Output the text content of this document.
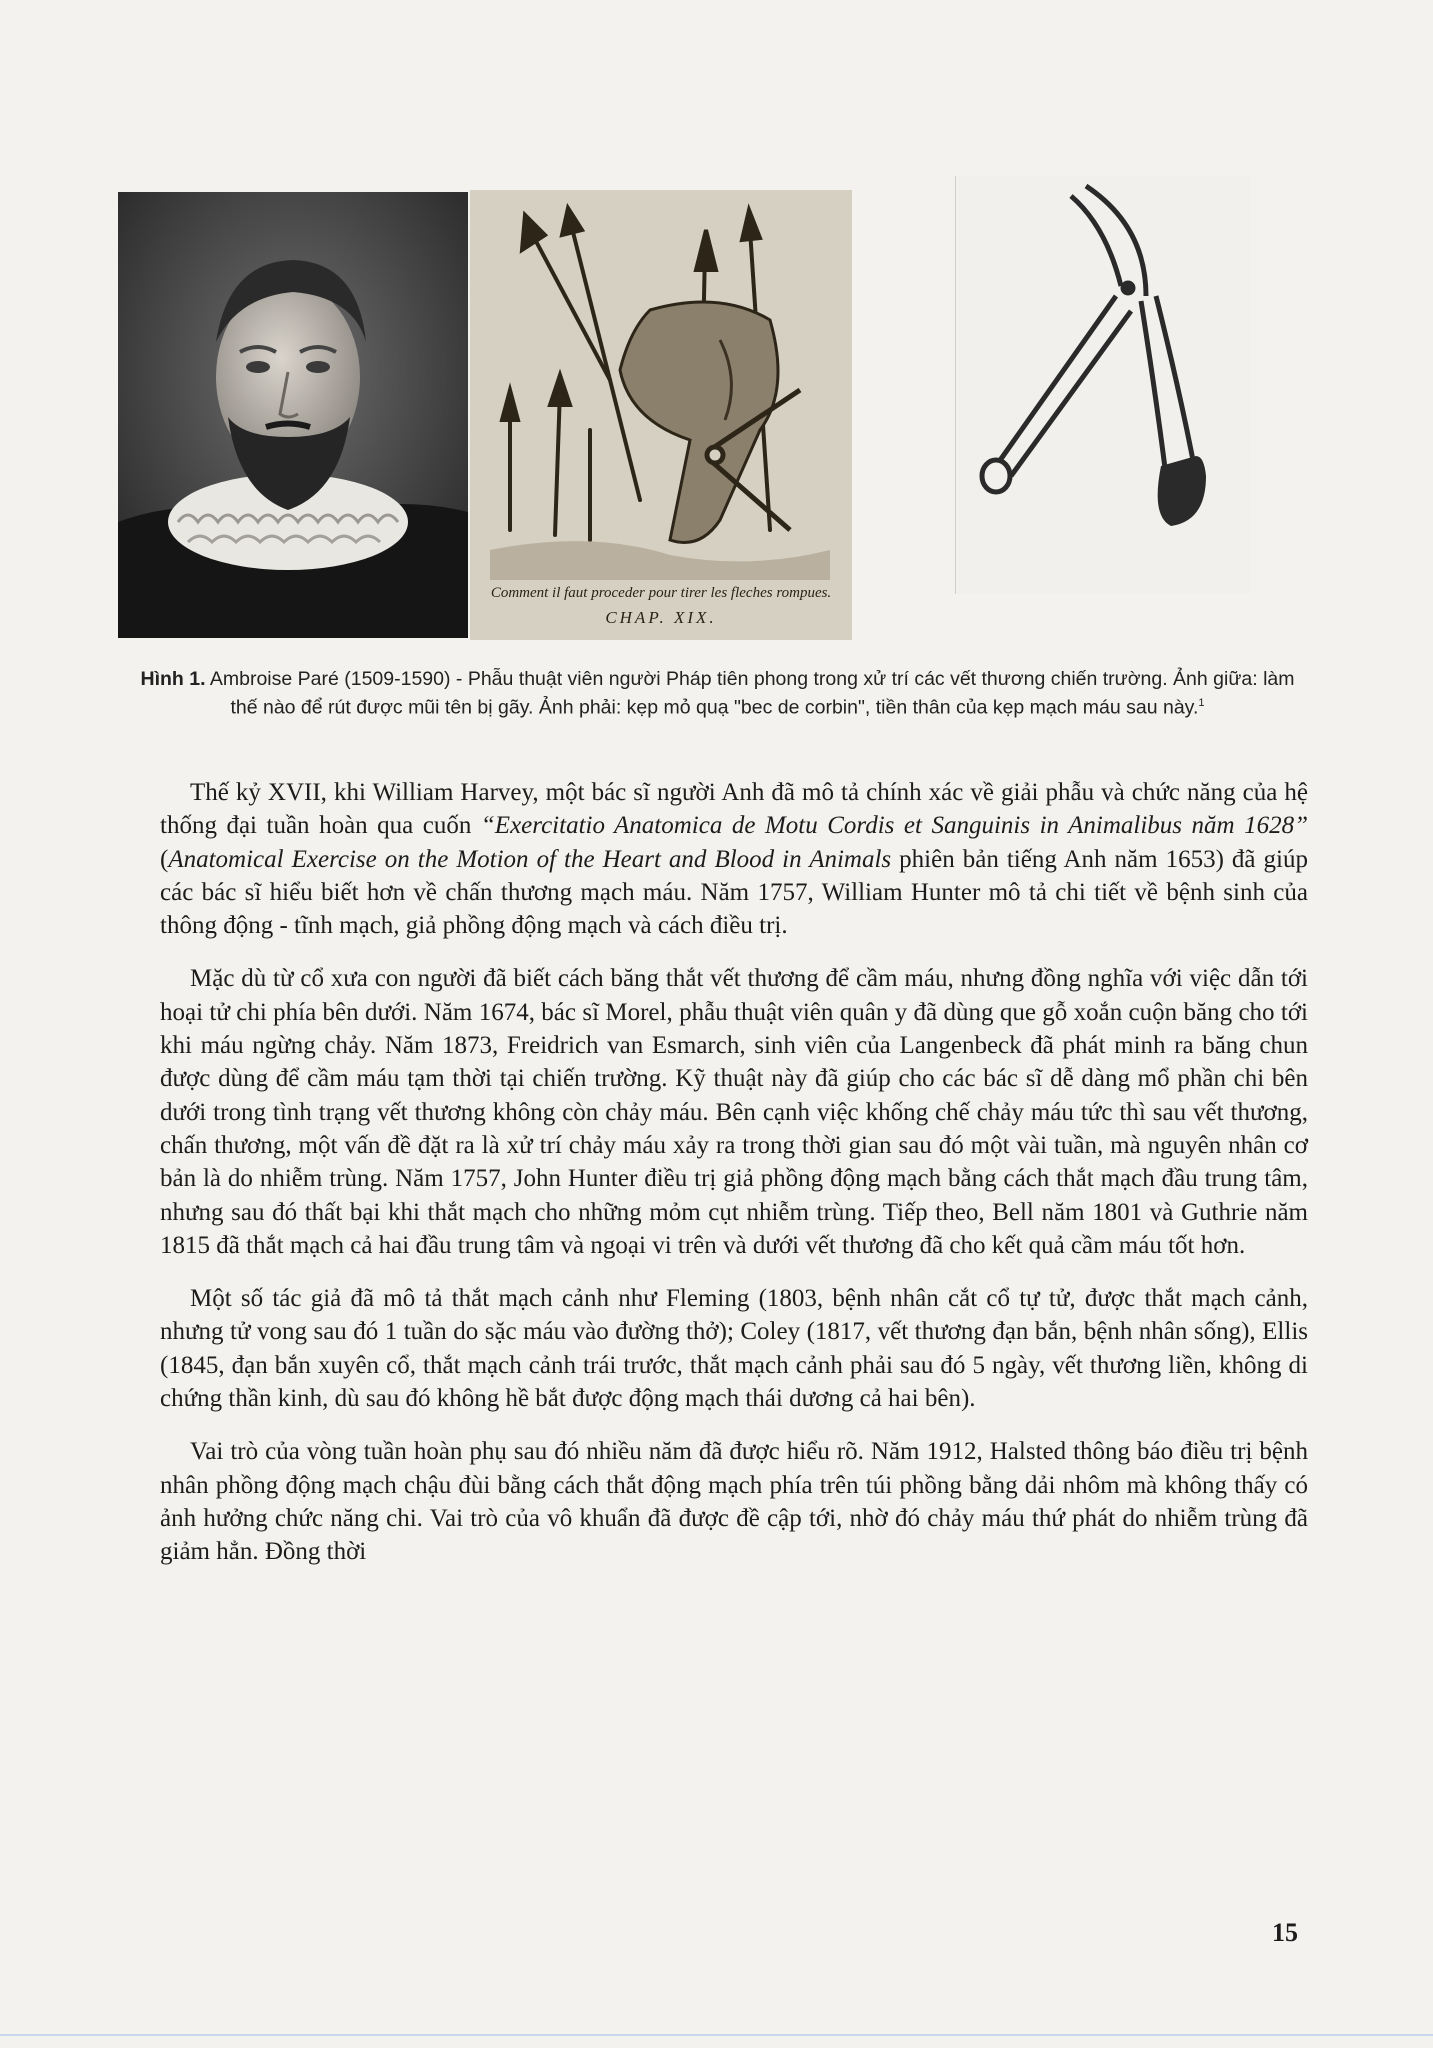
Comment il faut proceder pour tirer les fleches rompues.
CHAP. XIX.
Hình 1. Ambroise Paré (1509-1590) - Phẫu thuật viên người Pháp tiên phong trong xử trí các vết thương chiến trường. Ảnh giữa: làm thế nào để rút được mũi tên bị gãy. Ảnh phải: kẹp mỏ quạ "bec de corbin", tiền thân của kẹp mạch máu sau này.$^1$

Thế kỷ XVII, khi William Harvey, một bác sĩ người Anh đã mô tả chính xác về giải phẫu và chức năng của hệ thống đại tuần hoàn qua cuốn “Exercitatio Anatomica de Motu Cordis et Sanguinis in Animalibus năm 1628” (Anatomical Exercise on the Motion of the Heart and Blood in Animals phiên bản tiếng Anh năm 1653) đã giúp các bác sĩ hiểu biết hơn về chấn thương mạch máu. Năm 1757, William Hunter mô tả chi tiết về bệnh sinh của thông động - tĩnh mạch, giả phồng động mạch và cách điều trị.

Mặc dù từ cổ xưa con người đã biết cách băng thắt vết thương để cầm máu, nhưng đồng nghĩa với việc dẫn tới hoại tử chi phía bên dưới. Năm 1674, bác sĩ Morel, phẫu thuật viên quân y đã dùng que gỗ xoắn cuộn băng cho tới khi máu ngừng chảy. Năm 1873, Freidrich van Esmarch, sinh viên của Langenbeck đã phát minh ra băng chun được dùng để cầm máu tạm thời tại chiến trường. Kỹ thuật này đã giúp cho các bác sĩ dễ dàng mổ phần chi bên dưới trong tình trạng vết thương không còn chảy máu. Bên cạnh việc khống chế chảy máu tức thì sau vết thương, chấn thương, một vấn đề đặt ra là xử trí chảy máu xảy ra trong thời gian sau đó một vài tuần, mà nguyên nhân cơ bản là do nhiễm trùng. Năm 1757, John Hunter điều trị giả phồng động mạch bằng cách thắt mạch đầu trung tâm, nhưng sau đó thất bại khi thắt mạch cho những mỏm cụt nhiễm trùng. Tiếp theo, Bell năm 1801 và Guthrie năm 1815 đã thắt mạch cả hai đầu trung tâm và ngoại vi trên và dưới vết thương đã cho kết quả cầm máu tốt hơn.

Một số tác giả đã mô tả thắt mạch cảnh như Fleming (1803, bệnh nhân cắt cổ tự tử, được thắt mạch cảnh, nhưng tử vong sau đó 1 tuần do sặc máu vào đường thở); Coley (1817, vết thương đạn bắn, bệnh nhân sống), Ellis (1845, đạn bắn xuyên cổ, thắt mạch cảnh trái trước, thắt mạch cảnh phải sau đó 5 ngày, vết thương liền, không di chứng thần kinh, dù sau đó không hề bắt được động mạch thái dương cả hai bên).

Vai trò của vòng tuần hoàn phụ sau đó nhiều năm đã được hiểu rõ. Năm 1912, Halsted thông báo điều trị bệnh nhân phồng động mạch chậu đùi bằng cách thắt động mạch phía trên túi phồng bằng dải nhôm mà không thấy có ảnh hưởng chức năng chi. Vai trò của vô khuẩn đã được đề cập tới, nhờ đó chảy máu thứ phát do nhiễm trùng đã giảm hẳn. Đồng thời

15
